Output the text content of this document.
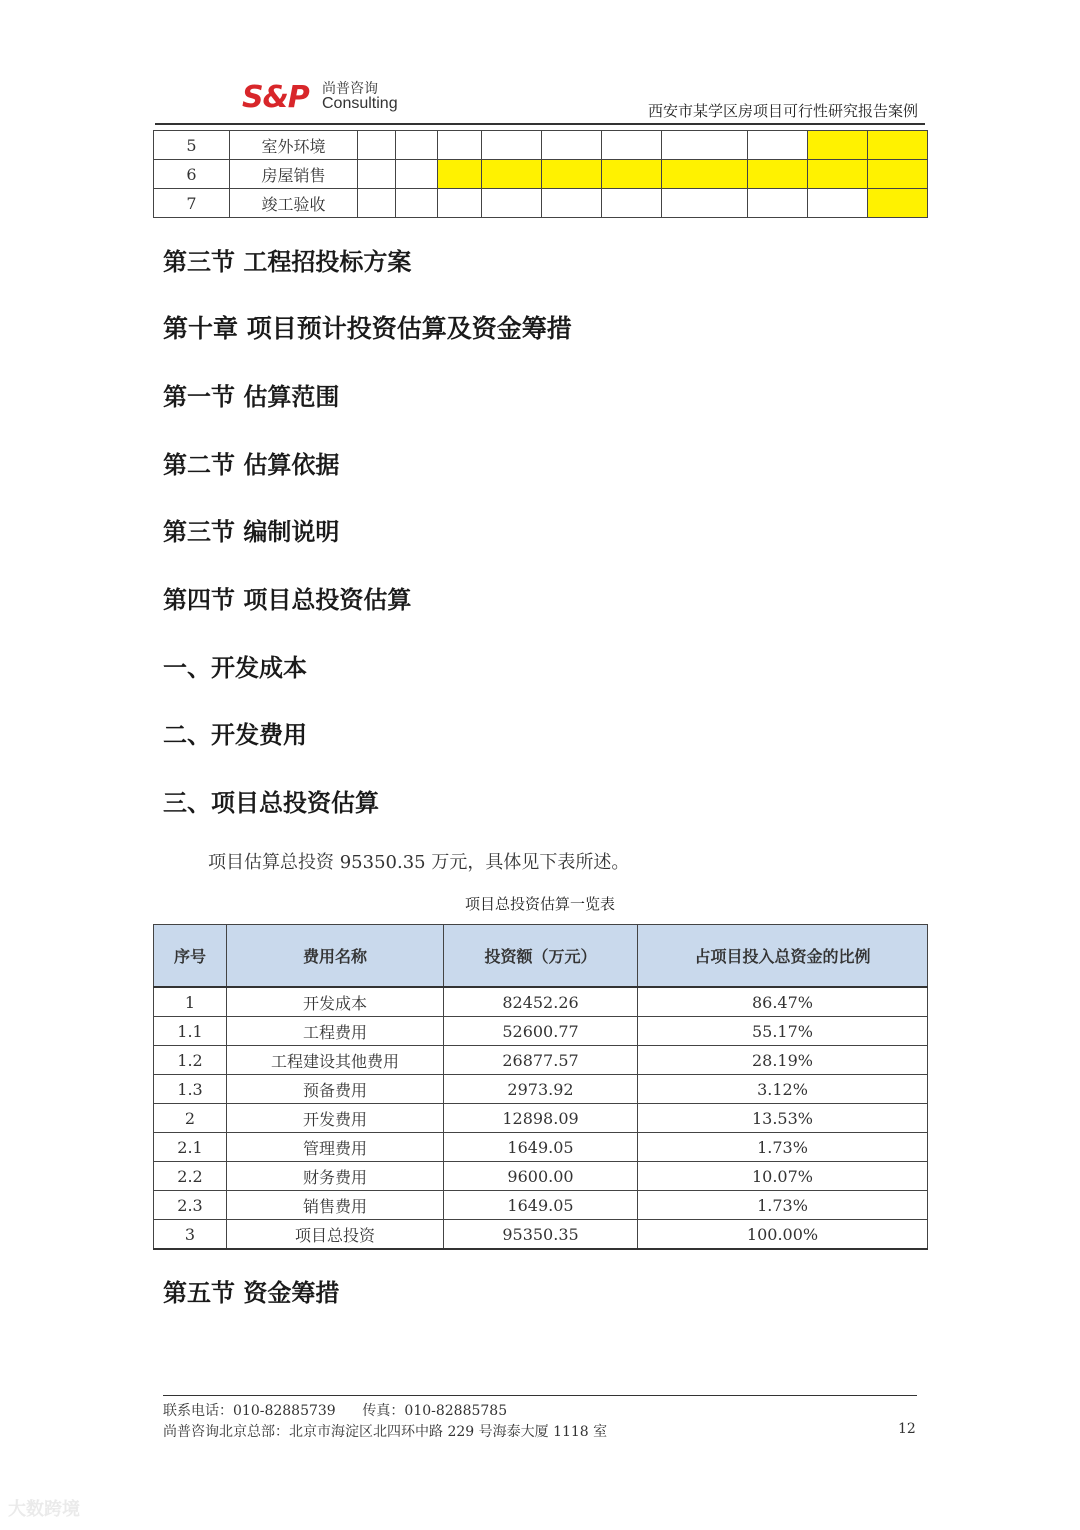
S&P 尚普咨询
Consulting	西安市某学区房项目可行性研究报告案例
5	室外环境										
6	房屋销售										
7	竣工验收										
第三节 工程招投标方案
第十章 项目预计投资估算及资金筹措
第一节 估算范围
第二节 估算依据
第三节 编制说明
第四节 项目总投资估算
一、开发成本
二、开发费用
三、项目总投资估算
项目估算总投资 95350.35 万元，具体见下表所述。
项目总投资估算一览表
序号	费用名称	投资额（万元）	占项目投入总资金的比例
1	开发成本	82452.26	86.47%
1.1	工程费用	52600.77	55.17%
1.2	工程建设其他费用	26877.57	28.19%
1.3	预备费用	2973.92	3.12%
2	开发费用	12898.09	13.53%
2.1	管理费用	1649.05	1.73%
2.2	财务费用	9600.00	10.07%
2.3	销售费用	1649.05	1.73%
3	项目总投资	95350.35	100.00%
第五节 资金筹措
联系电话：010-82885739      传真：010-82885785
尚普咨询北京总部：北京市海淀区北四环中路 229 号海泰大厦 1118 室	12
大数跨境
